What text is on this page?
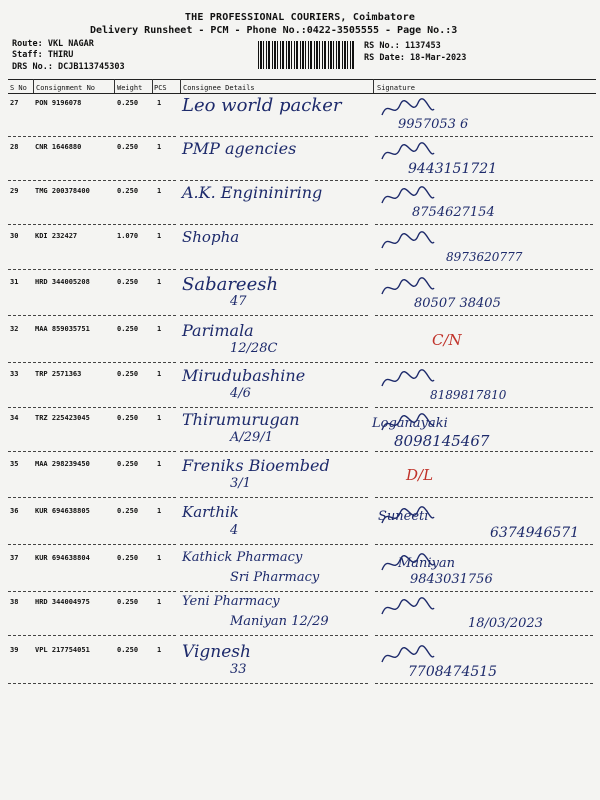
THE PROFESSIONAL COURIERS, Coimbatore
Delivery Runsheet - PCM - Phone No.:0422-3505555 - Page No.:3
Route: VKL NAGAR
Staff: THIRU
DRS No.: DCJB113745303
RS No.: 1137453
RS Date: 18-Mar-2023
S No Consignment No	Weight PCS Consignee Details	Signature
27 PON 9196078	0.250	1 Leo world packer
9957053 6
28 CNR 1646880	0.250	1 PMP agencies
9443151721
29 TMG 200378400	0.250	1 A.K. Engininiring
8754627154
30 KDI 232427	1.070	1 Shopha
8973620777
31 HRD 344005208	0.250	1 Sabareesh
47	80507 38405
32 MAA 859035751	0.250	1 Parimala
12/28C	C/N
33 TRP 2571363	0.250	1 Mirudubashine
4/6	8189817810
34 TRZ 225423045	0.250	1 Thirumurugan
A/29/1	8098145467
Loganayaki
35 MAA 298239450	0.250	1 Freniks Bioembed
3/1	D/L
36 KUR 694638805	0.250	1 Karthik
4	6374946571
Suneeti
37 KUR 694638804	0.250	1 Kathick Pharmacy
Sri Pharmacy	9843031756
Maniyan
38 HRD 344004975	0.250	1 Yeni Pharmacy
Maniyan 12/29	18/03/2023
39 VPL 217754051	0.250	1 Vignesh
33	7708474515
